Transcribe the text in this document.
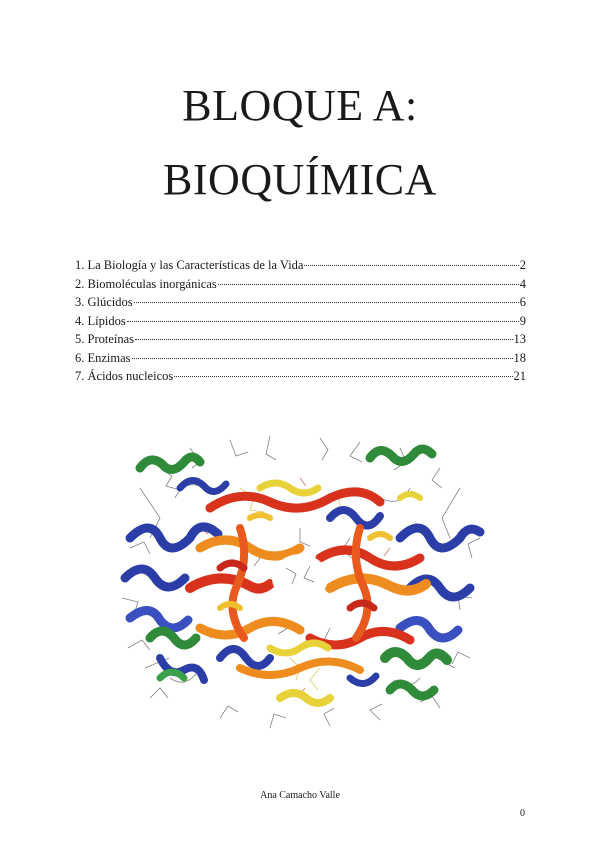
BLOQUE A:
BIOQUÍMICA
1. La Biología y las Características de la Vida	2
2. Biomoléculas inorgánicas	4
3. Glúcidos	6
4. Lípidos	9
5. Proteínas	13
6. Enzimas	18
7. Ácidos nucleicos	21
Ana Camacho Valle
0
